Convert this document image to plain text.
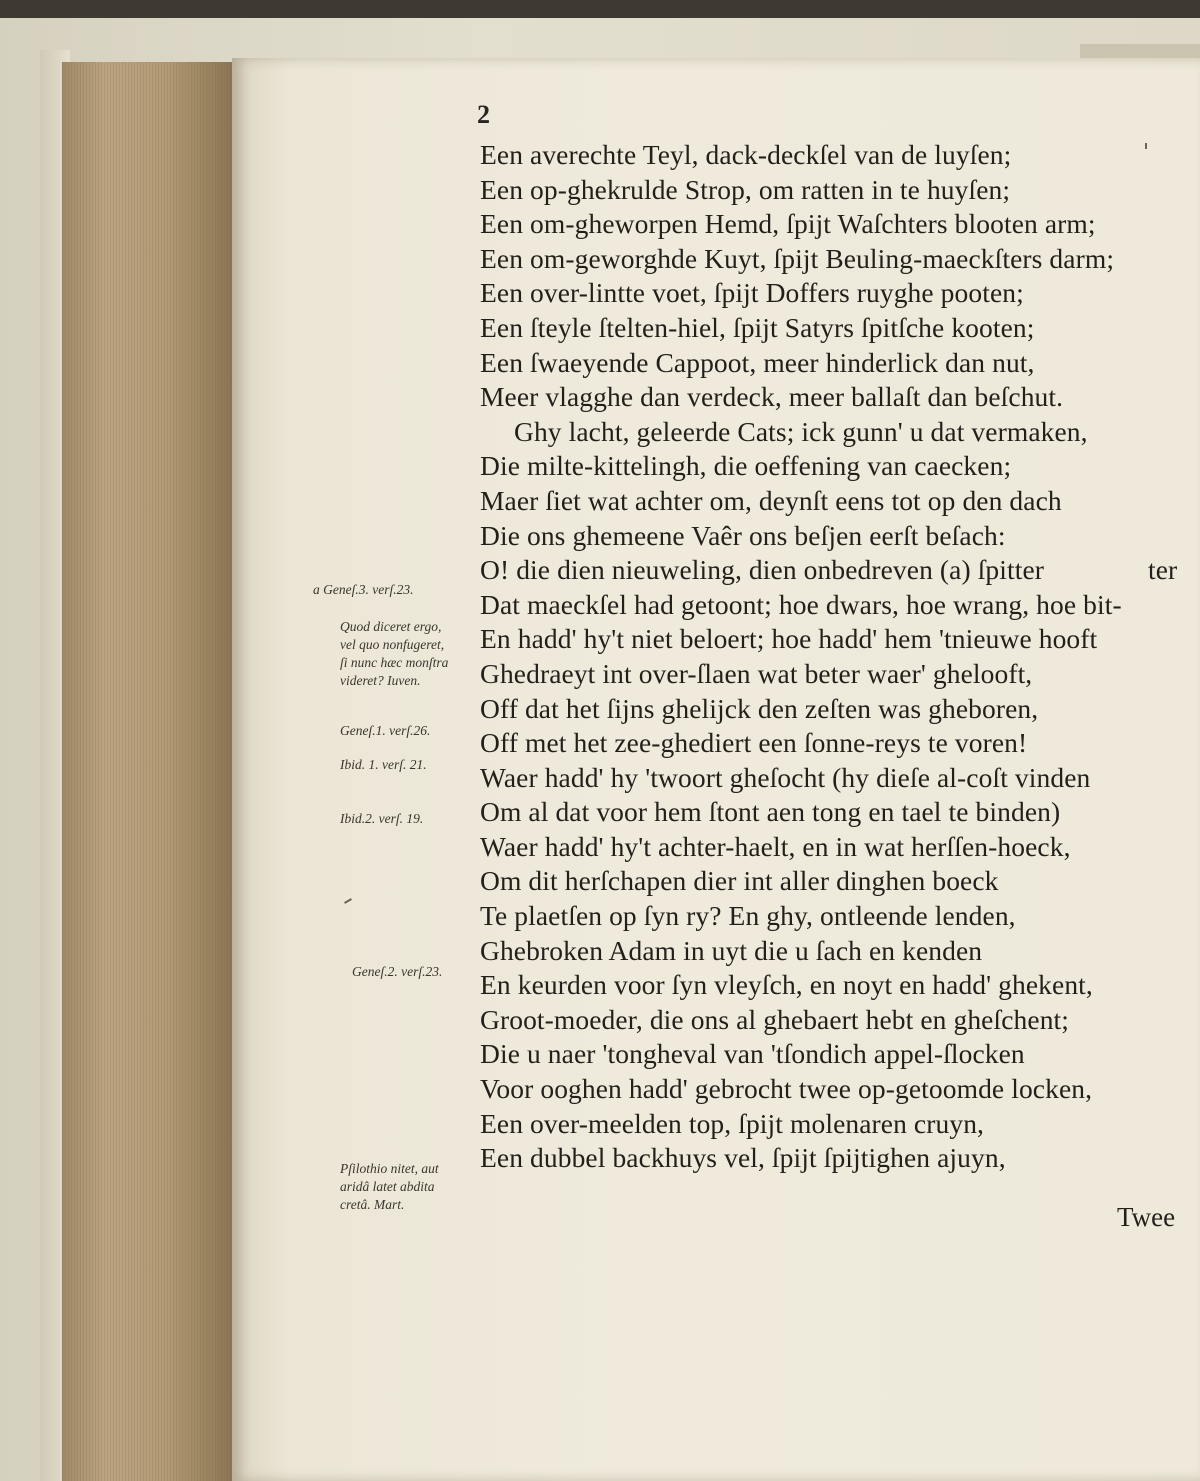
2
Een averechte Teyl, dack-deckſel van de luyſen;
Een op-ghekrulde Strop, om ratten in te huyſen;
Een om-gheworpen Hemd, ſpijt Waſchters blooten arm;
Een om-geworghde Kuyt, ſpijt Beuling-maeckſters darm;
Een over-lintte voet, ſpijt Doffers ruyghe pooten;
Een ſteyle ſtelten-hiel, ſpijt Satyrs ſpitſche kooten;
Een ſwaeyende Cappoot, meer hinderlick dan nut,
Meer vlagghe dan verdeck, meer ballaſt dan beſchut.
Ghy lacht, geleerde Cats; ick gunn' u dat vermaken,
Die milte-kittelingh, die oeffening van caecken;
Maer ſiet wat achter om, deynſt eens tot op den dach
Die ons ghemeene Vaêr ons beſjen eerſt beſach:
O! die dien nieuweling, dien onbedreven (a) ſpitter	ter
Dat maeckſel had getoont; hoe dwars, hoe wrang, hoe bit-
En hadd' hy't niet beloert; hoe hadd' hem 'tnieuwe hooft
Ghedraeyt int over-ſlaen wat beter waer' ghelooft,
Off dat het ſijns ghelijck den zeſten was gheboren,
Off met het zee-ghediert een ſonne-reys te voren!
Waer hadd' hy 'twoort gheſocht (hy dieſe al-coſt vinden
Om al dat voor hem ſtont aen tong en tael te binden)
Waer hadd' hy't achter-haelt, en in wat herſſen-hoeck,
Om dit herſchapen dier int aller dinghen boeck
Te plaetſen op ſyn ry? En ghy, ontleende lenden,
Ghebroken Adam in uyt die u ſach en kenden
En keurden voor ſyn vleyſch, en noyt en hadd' ghekent,
Groot-moeder, die ons al ghebaert hebt en gheſchent;
Die u naer 'tongheval van 'tſondich appel-ſlocken
Voor ooghen hadd' gebrocht twee op-getoomde locken,
Een over-meelden top, ſpijt molenaren cruyn,
Een dubbel backhuys vel, ſpijt ſpijtighen ajuyn,
Twee
a Geneſ.3. verſ.23.
Quod diceret ergo,
vel quo nonfugeret,
ſi nunc hæc monſtra
videret? Iuven.
Geneſ.1. verſ.26.
Ibid. 1. verſ. 21.
Ibid.2. verſ. 19.
Geneſ.2. verſ.23.
Pſilothio nitet, aut
aridâ latet abdita
cretâ. Mart.
